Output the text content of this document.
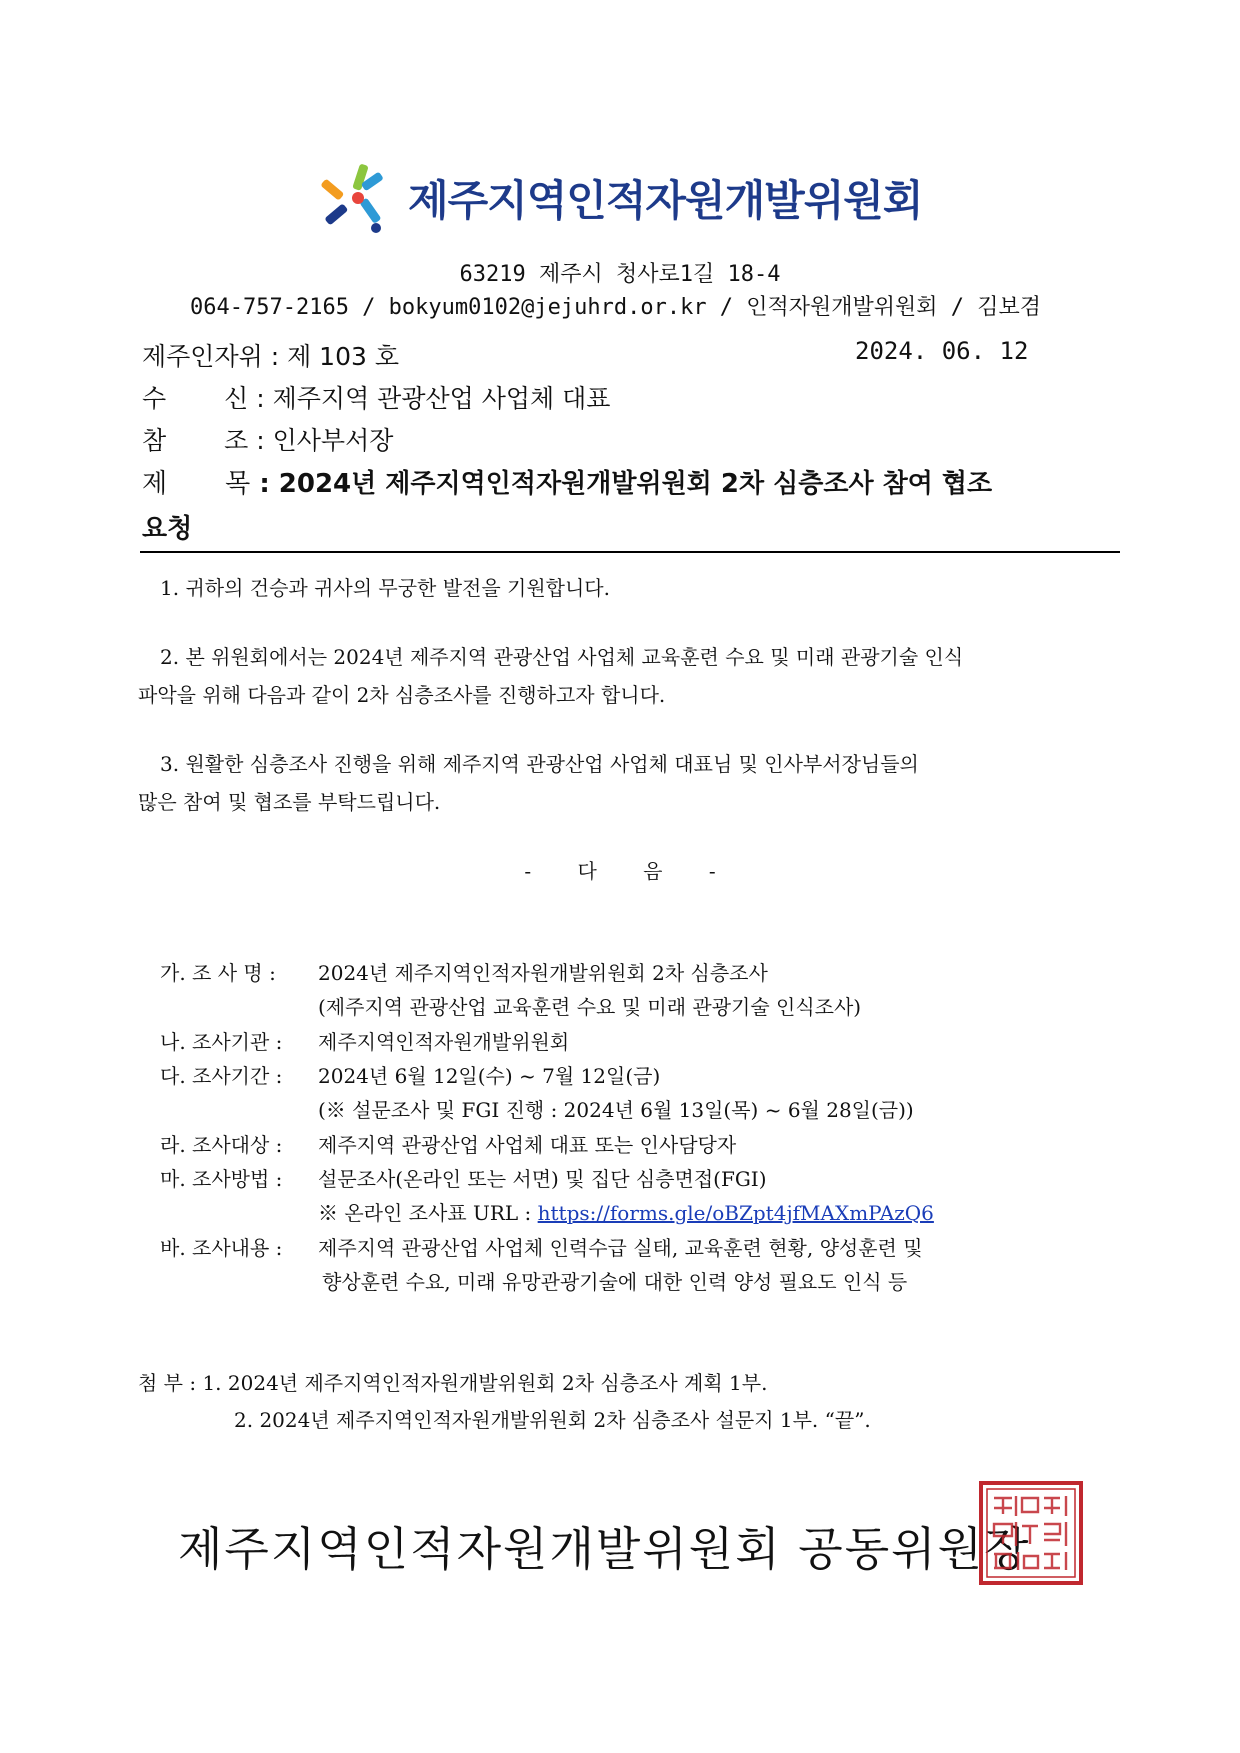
제주지역인적자원개발위원회
63219 제주시 청사로1길 18-4
064-757-2165 / bokyum0102@jejuhrd.or.kr / 인적자원개발위원회 / 김보겸
제주인자위 : 제 103 호	2024. 06. 12
수 신 : 제주지역 관광산업 사업체 대표
참 조 : 인사부서장
제 목 : 2024년 제주지역인적자원개발위원회 2차 심층조사 참여 협조
요청
1. 귀하의 건승과 귀사의 무궁한 발전을 기원합니다.
2. 본 위원회에서는 2024년 제주지역 관광산업 사업체 교육훈련 수요 및 미래 관광기술 인식
파악을 위해 다음과 같이 2차 심층조사를 진행하고자 합니다.
3. 원활한 심층조사 진행을 위해 제주지역 관광산업 사업체 대표님 및 인사부서장님들의
많은 참여 및 협조를 부탁드립니다.
- 다 음 -
가. 조 사 명 : 2024년 제주지역인적자원개발위원회 2차 심층조사
(제주지역 관광산업 교육훈련 수요 및 미래 관광기술 인식조사)
나. 조사기관 : 제주지역인적자원개발위원회
다. 조사기간 : 2024년 6월 12일(수) ~ 7월 12일(금)
(※ 설문조사 및 FGI 진행 : 2024년 6월 13일(목) ~ 6월 28일(금))
라. 조사대상 : 제주지역 관광산업 사업체 대표 또는 인사담당자
마. 조사방법 : 설문조사(온라인 또는 서면) 및 집단 심층면접(FGI)
※ 온라인 조사표 URL : https://forms.gle/oBZpt4jfMAXmPAzQ6
바. 조사내용 : 제주지역 관광산업 사업체 인력수급 실태, 교육훈련 현황, 양성훈련 및
향상훈련 수요, 미래 유망관광기술에 대한 인력 양성 필요도 인식 등
첨 부 : 1. 2024년 제주지역인적자원개발위원회 2차 심층조사 계획 1부.
2. 2024년 제주지역인적자원개발위원회 2차 심층조사 설문지 1부. “끝”.
제주지역인적자원개발위원회 공동위원장
